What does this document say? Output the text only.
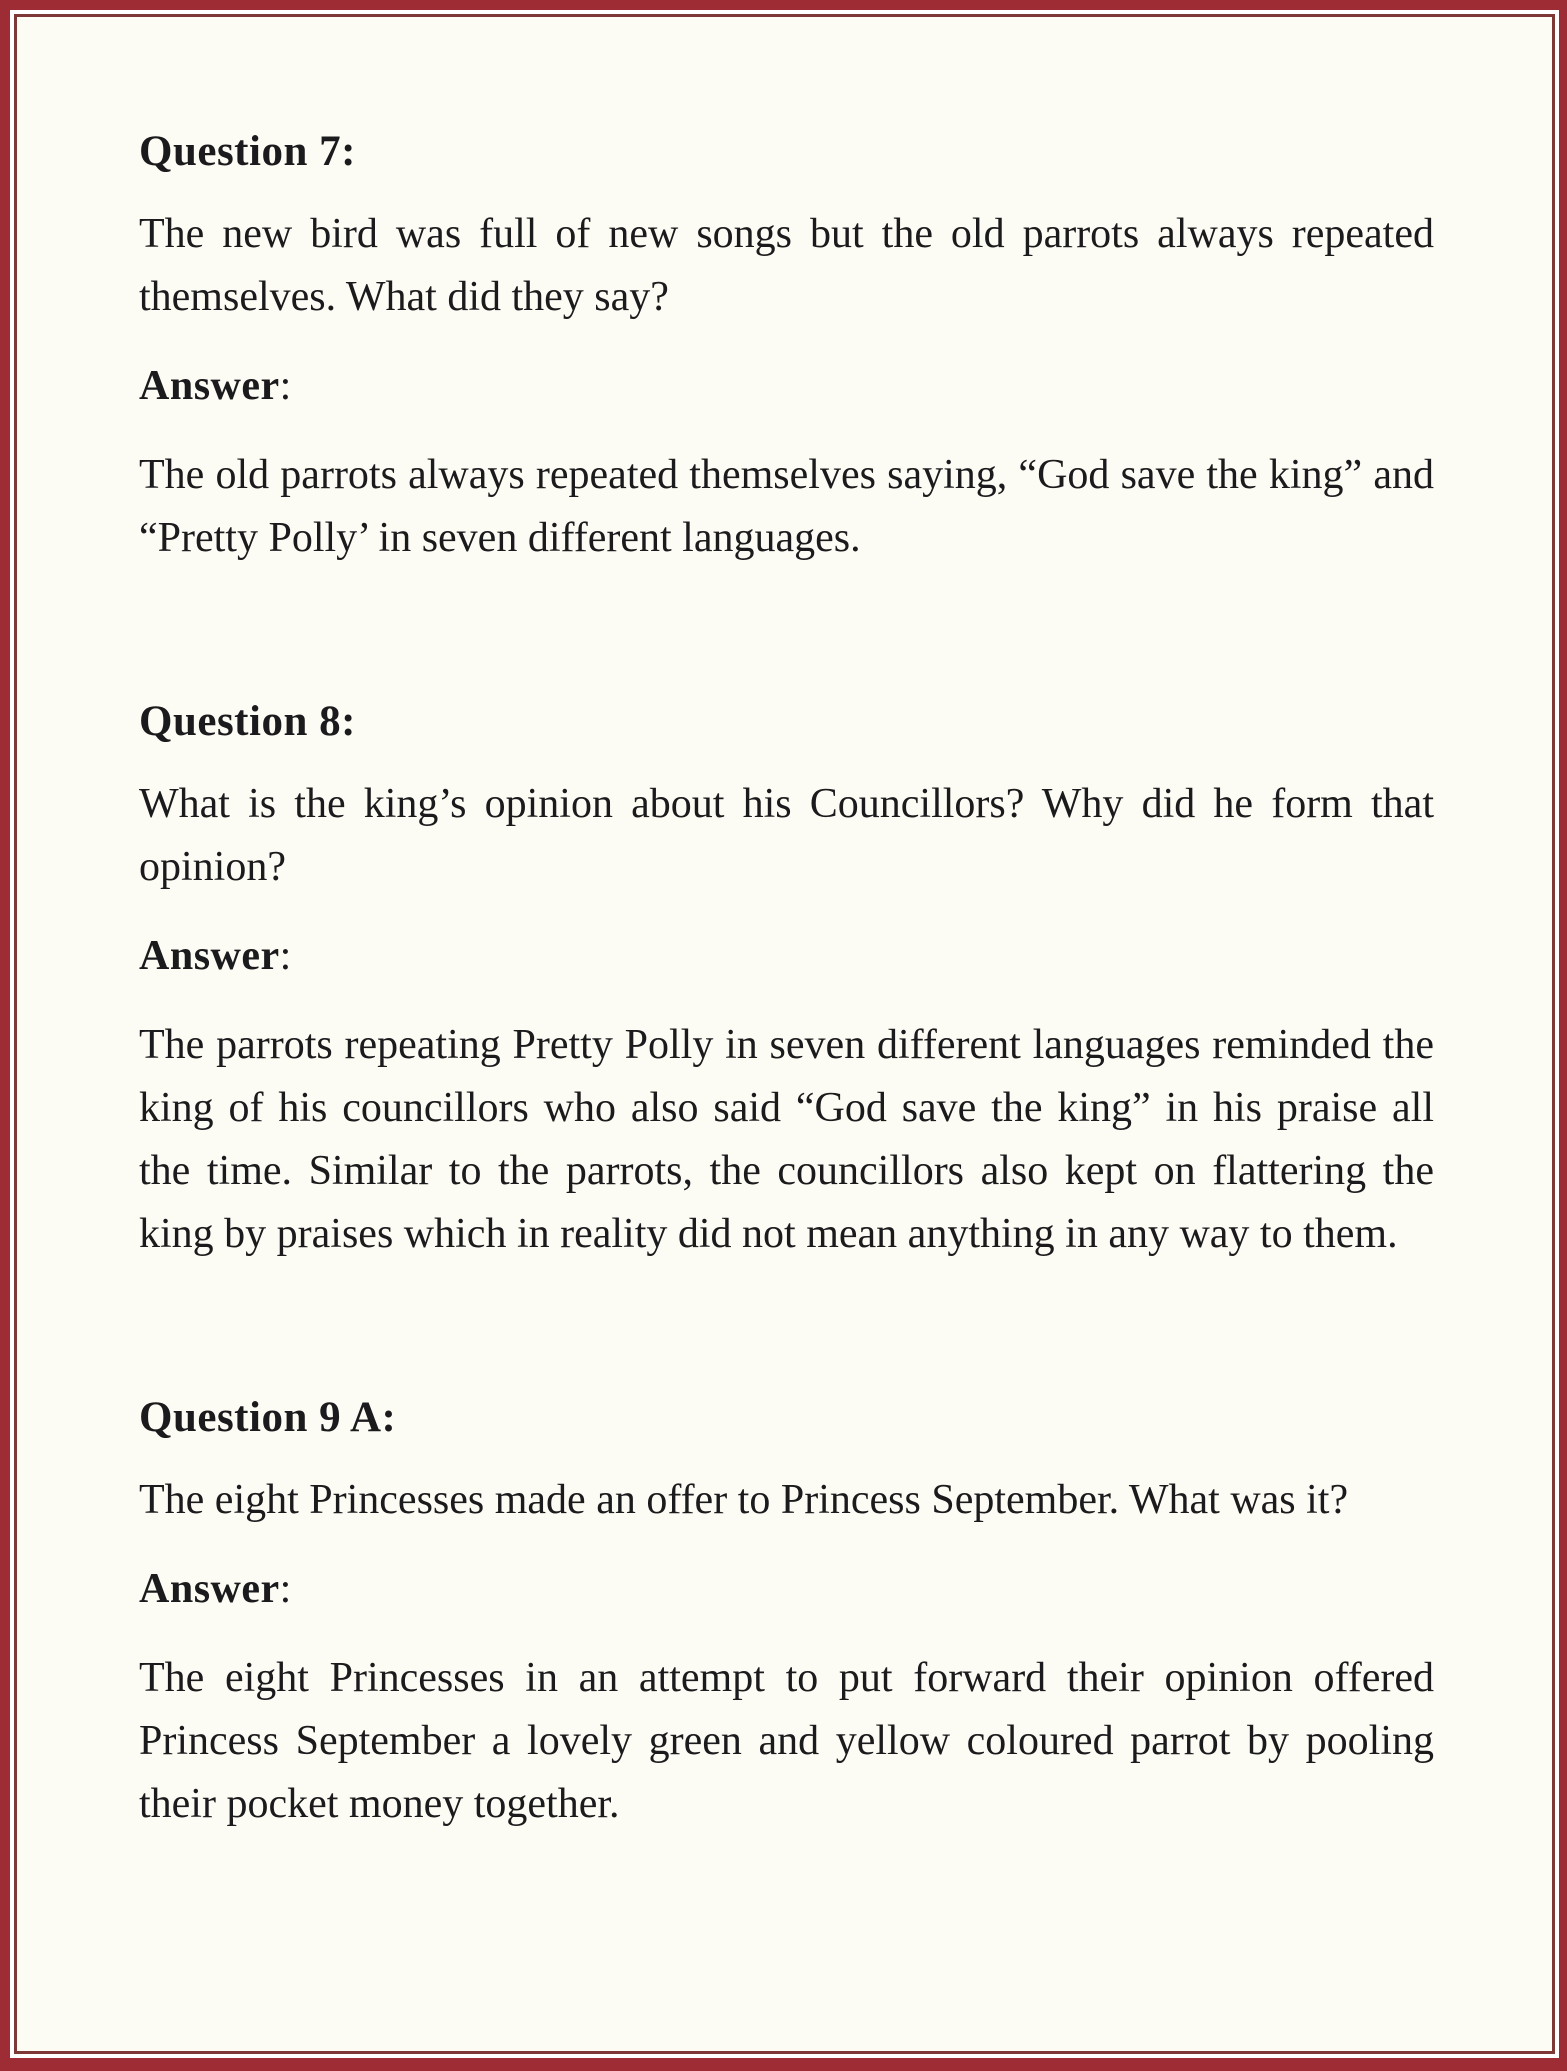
Question 7:

The new bird was full of new songs but the old parrots always repeated themselves. What did they say?

Answer:

The old parrots always repeated themselves saying, “God save the king” and “Pretty Polly’ in seven different languages.

Question 8:

What is the king’s opinion about his Councillors? Why did he form that opinion?

Answer:

The parrots repeating Pretty Polly in seven different languages reminded the king of his councillors who also said “God save the king” in his praise all the time. Similar to the parrots, the councillors also kept on flattering the king by praises which in reality did not mean anything in any way to them.

Question 9 A:

The eight Princesses made an offer to Princess September. What was it?

Answer:

The eight Princesses in an attempt to put forward their opinion offered Princess September a lovely green and yellow coloured parrot by pooling their pocket money together.
